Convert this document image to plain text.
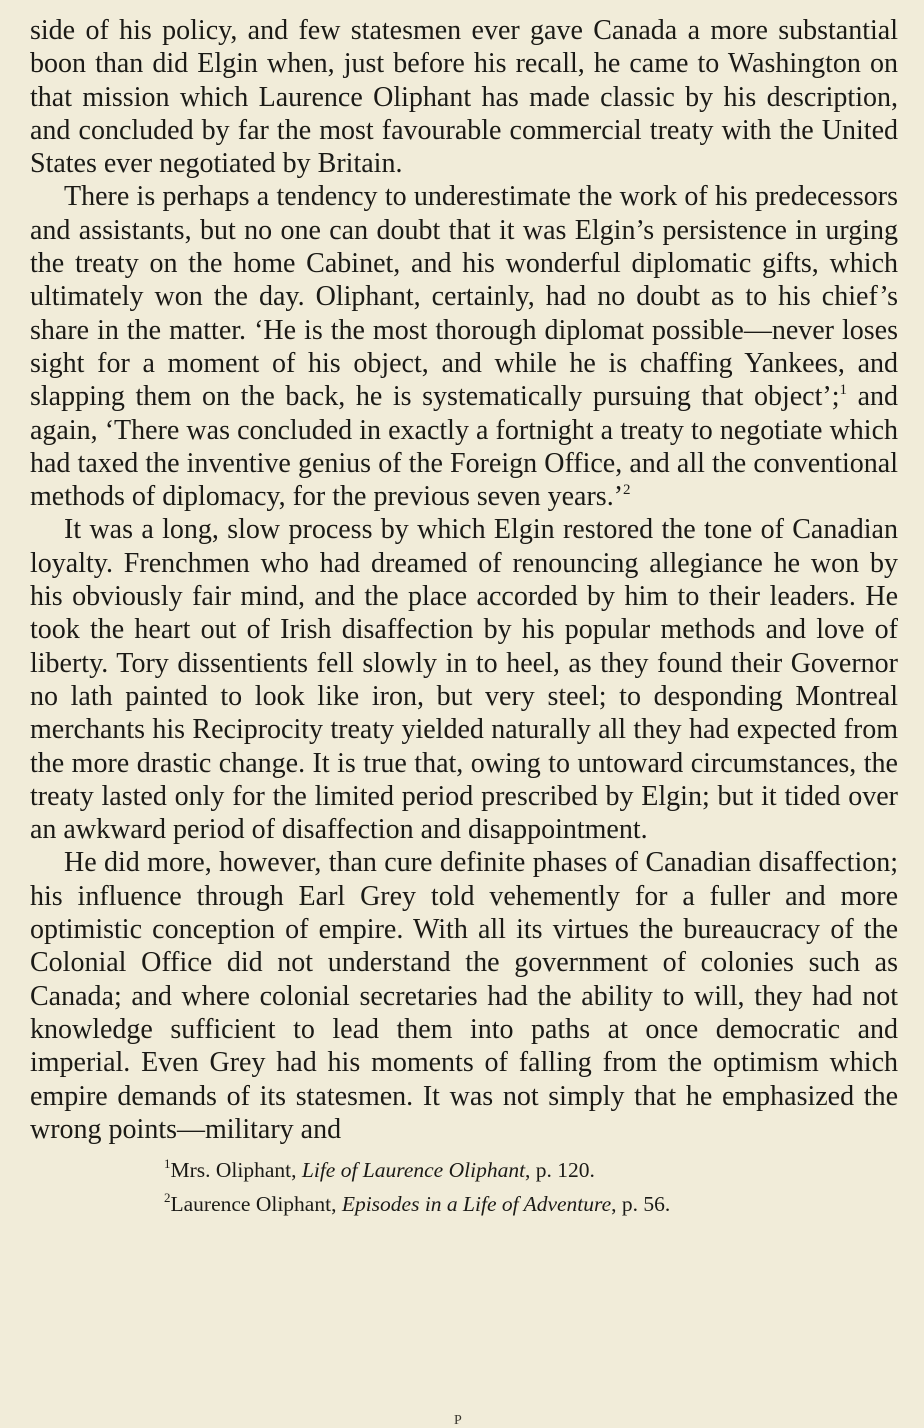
side of his policy, and few statesmen ever gave Canada a more substantial boon than did Elgin when, just before his recall, he came to Washington on that mission which Laurence Oliphant has made classic by his description, and concluded by far the most favourable commercial treaty with the United States ever negotiated by Britain.

There is perhaps a tendency to underestimate the work of his predecessors and assistants, but no one can doubt that it was Elgin’s persistence in urging the treaty on the home Cabinet, and his wonderful diplomatic gifts, which ultimately won the day. Oliphant, certainly, had no doubt as to his chief’s share in the matter. ‘He is the most thorough diplomat possible—never loses sight for a moment of his object, and while he is chaffing Yankees, and slapping them on the back, he is systematically pursuing that object’;$^1$ and again, ‘There was concluded in exactly a fortnight a treaty to negotiate which had taxed the inventive genius of the Foreign Office, and all the conventional methods of diplomacy, for the previous seven years.’$^2$

It was a long, slow process by which Elgin restored the tone of Canadian loyalty. Frenchmen who had dreamed of renouncing allegiance he won by his obviously fair mind, and the place accorded by him to their leaders. He took the heart out of Irish disaffection by his popular methods and love of liberty. Tory dissentients fell slowly in to heel, as they found their Governor no lath painted to look like iron, but very steel; to desponding Montreal merchants his Reciprocity treaty yielded naturally all they had expected from the more drastic change. It is true that, owing to untoward circumstances, the treaty lasted only for the limited period prescribed by Elgin; but it tided over an awkward period of disaffection and disappointment.

He did more, however, than cure definite phases of Canadian disaffection; his influence through Earl Grey told vehemently for a fuller and more optimistic conception of empire. With all its virtues the bureaucracy of the Colonial Office did not understand the government of colonies such as Canada; and where colonial secretaries had the ability to will, they had not knowledge sufficient to lead them into paths at once democratic and imperial. Even Grey had his moments of falling from the optimism which empire demands of its statesmen. It was not simply that he emphasized the wrong points—military and

$^1$Mrs. Oliphant, Life of Laurence Oliphant, p. 120.
$^2$Laurence Oliphant, Episodes in a Life of Adventure, p. 56.
P
